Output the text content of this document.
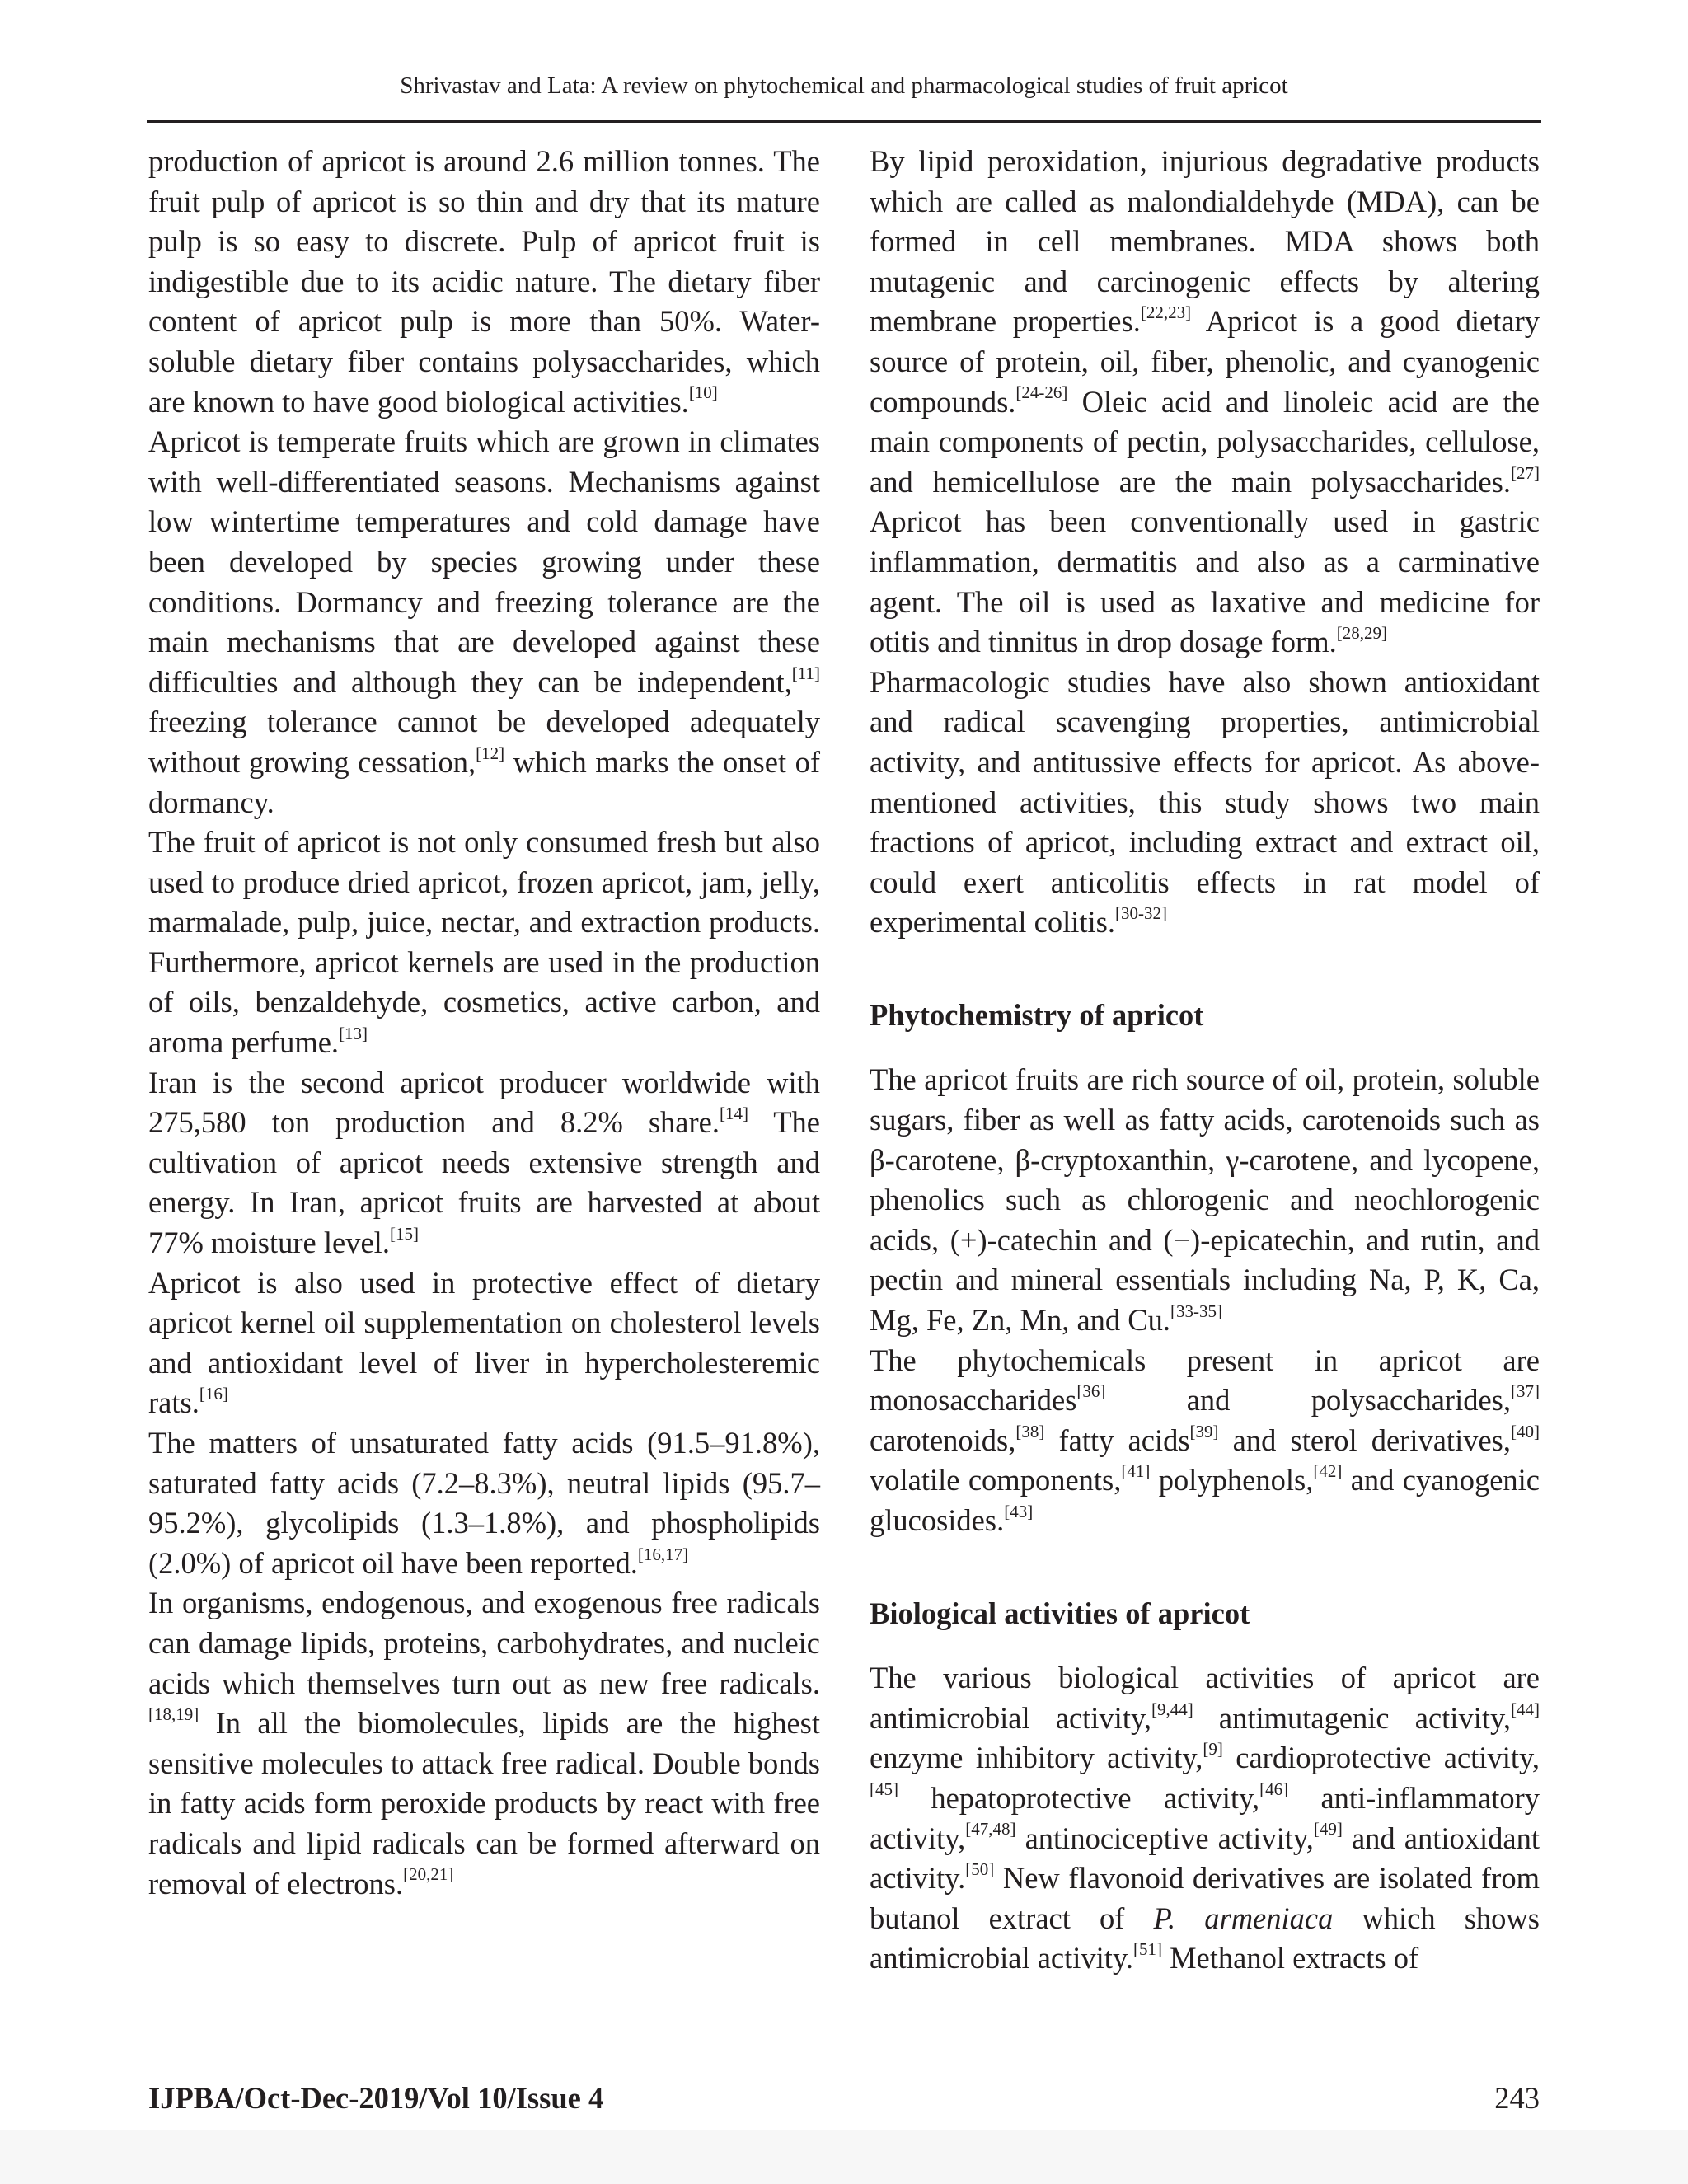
Shrivastav and Lata: A review on phytochemical and pharmacological studies of fruit apricot

production of apricot is around 2.6 million tonnes. The fruit pulp of apricot is so thin and dry that its mature pulp is so easy to discrete. Pulp of apricot fruit is indigestible due to its acidic nature. The dietary fiber content of apricot pulp is more than 50%. Water-soluble dietary fiber contains polysaccharides, which are known to have good biological activities.[10]

Apricot is temperate fruits which are grown in climates with well-differentiated seasons. Mechanisms against low wintertime temperatures and cold damage have been developed by species growing under these conditions. Dormancy and freezing tolerance are the main mechanisms that are developed against these difficulties and although they can be independent,[11] freezing tolerance cannot be developed adequately without growing cessation,[12] which marks the onset of dormancy.

The fruit of apricot is not only consumed fresh but also used to produce dried apricot, frozen apricot, jam, jelly, marmalade, pulp, juice, nectar, and extraction products. Furthermore, apricot kernels are used in the production of oils, benzaldehyde, cosmetics, active carbon, and aroma perfume.[13]

Iran is the second apricot producer worldwide with 275,580 ton production and 8.2% share.[14] The cultivation of apricot needs extensive strength and energy. In Iran, apricot fruits are harvested at about 77% moisture level.[15]

Apricot is also used in protective effect of dietary apricot kernel oil supplementation on cholesterol levels and antioxidant level of liver in hypercholesteremic rats.[16]

The matters of unsaturated fatty acids (91.5–91.8%), saturated fatty acids (7.2–8.3%), neutral lipids (95.7–95.2%), glycolipids (1.3–1.8%), and phospholipids (2.0%) of apricot oil have been reported.[16,17]

In organisms, endogenous, and exogenous free radicals can damage lipids, proteins, carbohydrates, and nucleic acids which themselves turn out as new free radicals.[18,19] In all the biomolecules, lipids are the highest sensitive molecules to attack free radical. Double bonds in fatty acids form peroxide products by react with free radicals and lipid radicals can be formed afterward on removal of electrons.[20,21]

By lipid peroxidation, injurious degradative products which are called as malondialdehyde (MDA), can be formed in cell membranes. MDA shows both mutagenic and carcinogenic effects by altering membrane properties.[22,23] Apricot is a good dietary source of protein, oil, fiber, phenolic, and cyanogenic compounds.[24-26] Oleic acid and linoleic acid are the main components of pectin, polysaccharides, cellulose, and hemicellulose are the main polysaccharides.[27] Apricot has been conventionally used in gastric inflammation, dermatitis and also as a carminative agent. The oil is used as laxative and medicine for otitis and tinnitus in drop dosage form.[28,29]

Pharmacologic studies have also shown antioxidant and radical scavenging properties, antimicrobial activity, and antitussive effects for apricot. As above-mentioned activities, this study shows two main fractions of apricot, including extract and extract oil, could exert anticolitis effects in rat model of experimental colitis.[30-32]

Phytochemistry of apricot

The apricot fruits are rich source of oil, protein, soluble sugars, fiber as well as fatty acids, carotenoids such as β-carotene, β-cryptoxanthin, γ-carotene, and lycopene, phenolics such as chlorogenic and neochlorogenic acids, (+)-catechin and (−)-epicatechin, and rutin, and pectin and mineral essentials including Na, P, K, Ca, Mg, Fe, Zn, Mn, and Cu.[33-35]

The phytochemicals present in apricot are monosaccharides[36] and polysaccharides,[37] carotenoids,[38] fatty acids[39] and sterol derivatives,[40] volatile components,[41] polyphenols,[42] and cyanogenic glucosides.[43]

Biological activities of apricot

The various biological activities of apricot are antimicrobial activity,[9,44] antimutagenic activity,[44] enzyme inhibitory activity,[9] cardioprotective activity,[45] hepatoprotective activity,[46] anti-inflammatory activity,[47,48] antinociceptive activity,[49] and antioxidant activity.[50] New flavonoid derivatives are isolated from butanol extract of P. armeniaca which shows antimicrobial activity.[51] Methanol extracts of

IJPBA/Oct-Dec-2019/Vol 10/Issue 4	243
